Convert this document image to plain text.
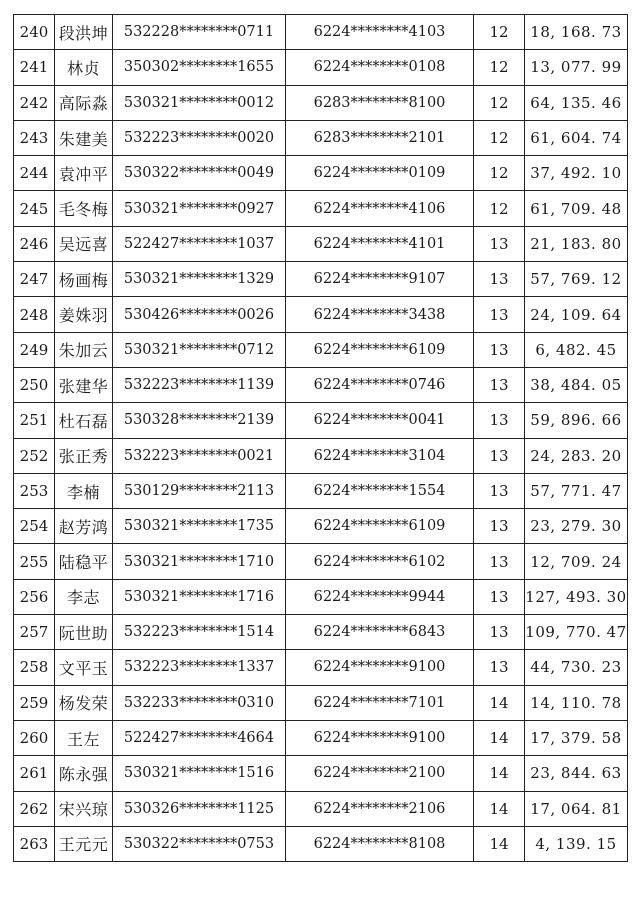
240	段洪坤	532228********0711	6224********4103	12	18, 168. 73
241	林贞	350302********1655	6224********0108	12	13, 077. 99
242	高际淼	530321********0012	6283********8100	12	64, 135. 46
243	朱建美	532223********0020	6283********2101	12	61, 604. 74
244	袁冲平	530322********0049	6224********0109	12	37, 492. 10
245	毛冬梅	530321********0927	6224********4106	12	61, 709. 48
246	吴远喜	522427********1037	6224********4101	13	21, 183. 80
247	杨画梅	530321********1329	6224********9107	13	57, 769. 12
248	姜姝羽	530426********0026	6224********3438	13	24, 109. 64
249	朱加云	530321********0712	6224********6109	13	6, 482. 45
250	张建华	532223********1139	6224********0746	13	38, 484. 05
251	杜石磊	530328********2139	6224********0041	13	59, 896. 66
252	张正秀	532223********0021	6224********3104	13	24, 283. 20
253	李楠	530129********2113	6224********1554	13	57, 771. 47
254	赵芳鸿	530321********1735	6224********6109	13	23, 279. 30
255	陆稳平	530321********1710	6224********6102	13	12, 709. 24
256	李志	530321********1716	6224********9944	13	127, 493. 30
257	阮世助	532223********1514	6224********6843	13	109, 770. 47
258	文平玉	532223********1337	6224********9100	13	44, 730. 23
259	杨发荣	532233********0310	6224********7101	14	14, 110. 78
260	王左	522427********4664	6224********9100	14	17, 379. 58
261	陈永强	530321********1516	6224********2100	14	23, 844. 63
262	宋兴琼	530326********1125	6224********2106	14	17, 064. 81
263	王元元	530322********0753	6224********8108	14	4, 139. 15
